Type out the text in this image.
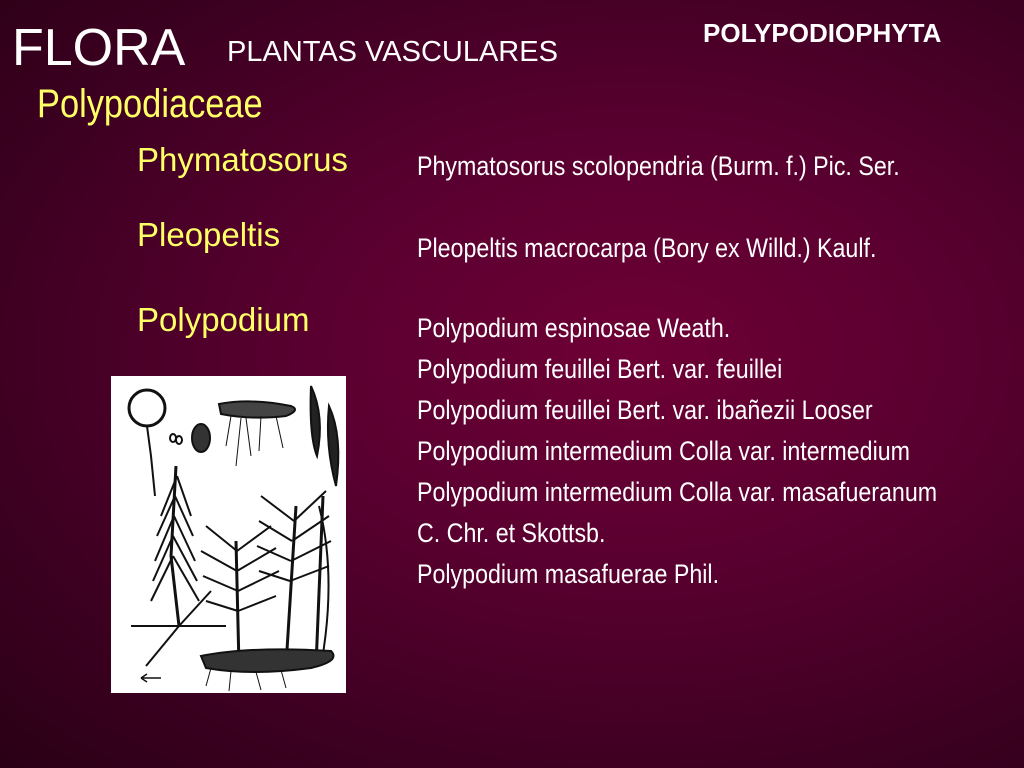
FLORA PLANTAS VASCULARES
POLYPODIOPHYTA
Polypodiaceae
Phymatosorus
Pleopeltis
Polypodium
Phymatosorus scolopendria (Burm. f.) Pic. Ser.
Pleopeltis macrocarpa (Bory ex Willd.) Kaulf.
Polypodium espinosae Weath.
Polypodium feuillei Bert. var. feuillei
Polypodium feuillei Bert. var. ibañezii Looser
Polypodium intermedium Colla var. intermedium
Polypodium intermedium Colla var. masafueranum
C. Chr. et Skottsb.
Polypodium masafuerae Phil.
